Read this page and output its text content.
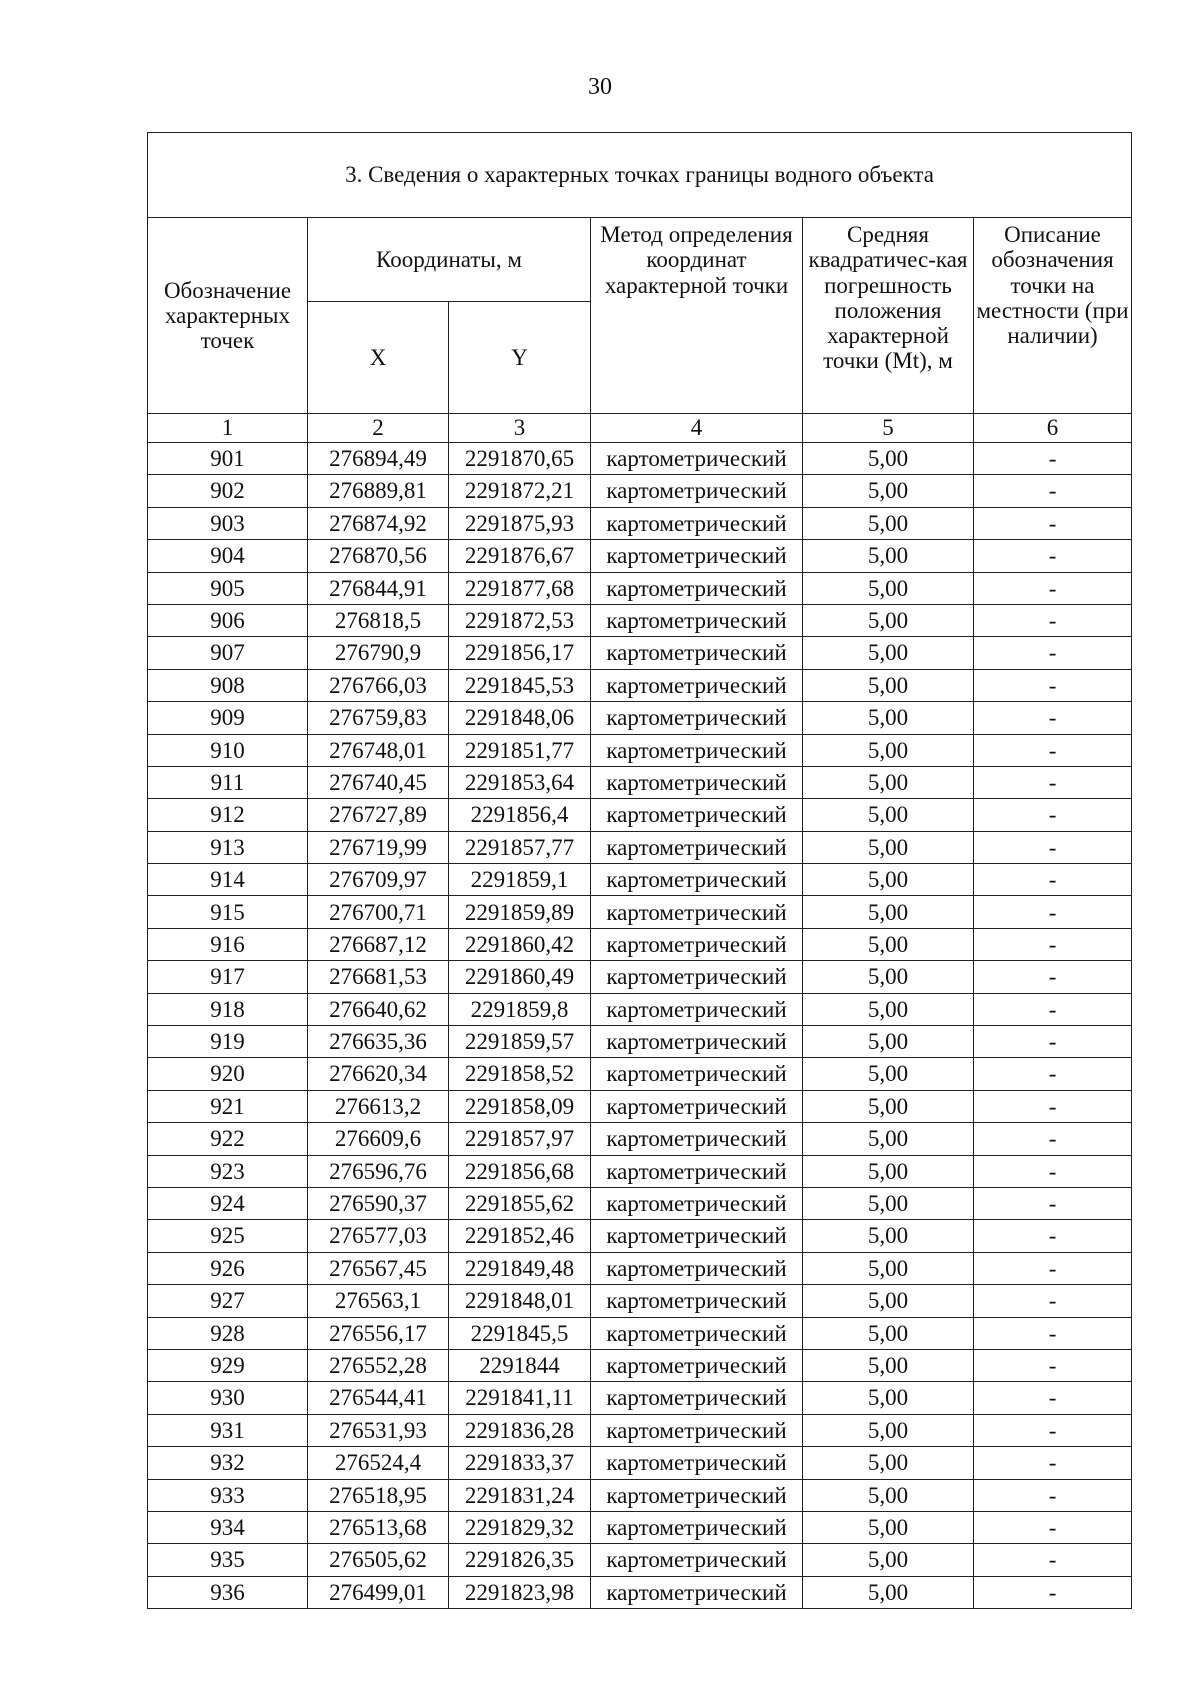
30
3. Сведения о характерных точках границы водного объекта					
Обозначение характерных точек	Координаты, м		Метод определения координат характерной точки	Средняя квадратичес-кая погрешность положения характерной точки (Mt), м	Описание обозначения точки на местности (при наличии)
	X	Y			
1	2	3	4	5	6
901	276894,49	2291870,65	картометрический	5,00	-
902	276889,81	2291872,21	картометрический	5,00	-
903	276874,92	2291875,93	картометрический	5,00	-
904	276870,56	2291876,67	картометрический	5,00	-
905	276844,91	2291877,68	картометрический	5,00	-
906	276818,5	2291872,53	картометрический	5,00	-
907	276790,9	2291856,17	картометрический	5,00	-
908	276766,03	2291845,53	картометрический	5,00	-
909	276759,83	2291848,06	картометрический	5,00	-
910	276748,01	2291851,77	картометрический	5,00	-
911	276740,45	2291853,64	картометрический	5,00	-
912	276727,89	2291856,4	картометрический	5,00	-
913	276719,99	2291857,77	картометрический	5,00	-
914	276709,97	2291859,1	картометрический	5,00	-
915	276700,71	2291859,89	картометрический	5,00	-
916	276687,12	2291860,42	картометрический	5,00	-
917	276681,53	2291860,49	картометрический	5,00	-
918	276640,62	2291859,8	картометрический	5,00	-
919	276635,36	2291859,57	картометрический	5,00	-
920	276620,34	2291858,52	картометрический	5,00	-
921	276613,2	2291858,09	картометрический	5,00	-
922	276609,6	2291857,97	картометрический	5,00	-
923	276596,76	2291856,68	картометрический	5,00	-
924	276590,37	2291855,62	картометрический	5,00	-
925	276577,03	2291852,46	картометрический	5,00	-
926	276567,45	2291849,48	картометрический	5,00	-
927	276563,1	2291848,01	картометрический	5,00	-
928	276556,17	2291845,5	картометрический	5,00	-
929	276552,28	2291844	картометрический	5,00	-
930	276544,41	2291841,11	картометрический	5,00	-
931	276531,93	2291836,28	картометрический	5,00	-
932	276524,4	2291833,37	картометрический	5,00	-
933	276518,95	2291831,24	картометрический	5,00	-
934	276513,68	2291829,32	картометрический	5,00	-
935	276505,62	2291826,35	картометрический	5,00	-
936	276499,01	2291823,98	картометрический	5,00	-
